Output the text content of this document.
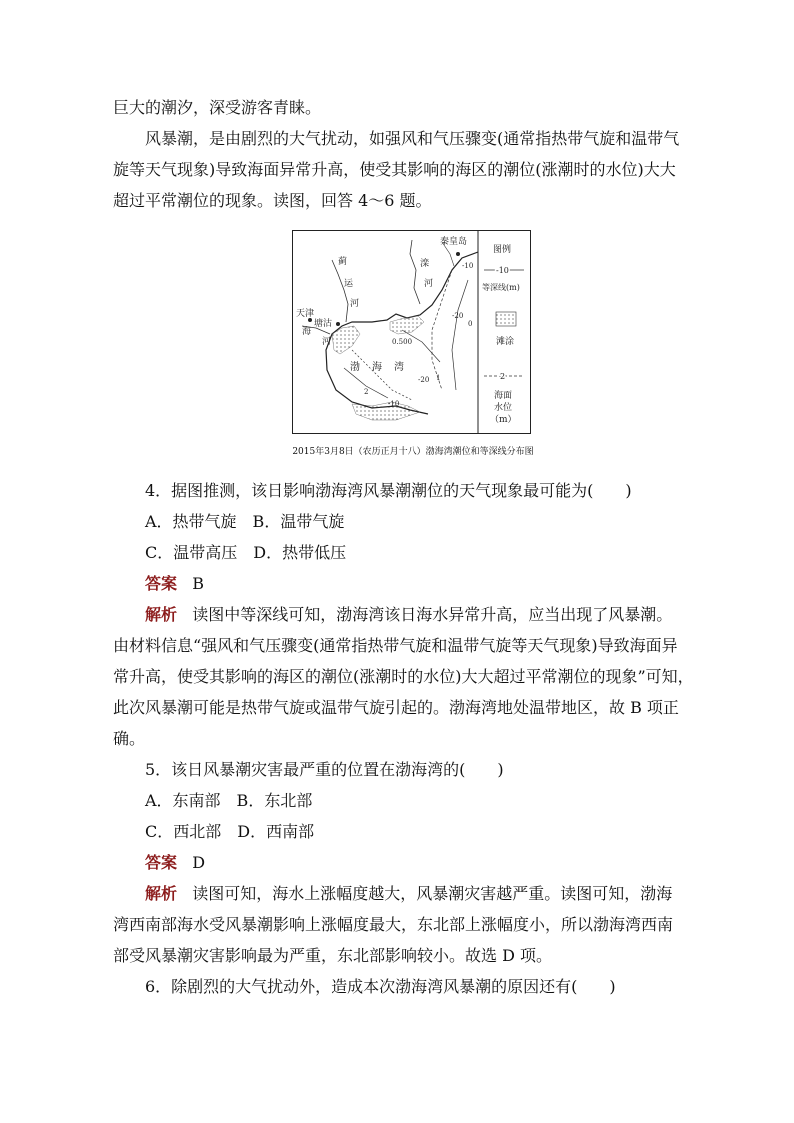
巨大的潮汐，深受游客青睐。
风暴潮，是由剧烈的大气扰动，如强风和气压骤变(通常指热带气旋和温带气
旋等天气现象)导致海面异常升高，使受其影响的海区的潮位(涨潮时的水位)大大
超过平常潮位的现象。读图，回答 4～6 题。
秦皇岛
蓟
运
河
滦
河
天津
海
塘沽
河
渤 海 湾
-10
-20
0
-20 1
-10
2
0.500
图例
-10
等深线(m)
滩涂
2
海面
水位
（m）
2015年3月8日（农历正月十八）渤海湾潮位和等深线分布图
4．据图推测，该日影响渤海湾风暴潮潮位的天气现象最可能为(　　)
A．热带气旋　B．温带气旋
C．温带高压　D．热带低压
答案 B
解析 读图中等深线可知，渤海湾该日海水异常升高，应当出现了风暴潮。
由材料信息“强风和气压骤变(通常指热带气旋和温带气旋等天气现象)导致海面异
常升高，使受其影响的海区的潮位(涨潮时的水位)大大超过平常潮位的现象”可知，
此次风暴潮可能是热带气旋或温带气旋引起的。渤海湾地处温带地区，故 B 项正
确。
5．该日风暴潮灾害最严重的位置在渤海湾的(　　)
A．东南部　B．东北部
C．西北部　D．西南部
答案 D
解析 读图可知，海水上涨幅度越大，风暴潮灾害越严重。读图可知，渤海
湾西南部海水受风暴潮影响上涨幅度最大，东北部上涨幅度小，所以渤海湾西南
部受风暴潮灾害影响最为严重，东北部影响较小。故选 D 项。
6．除剧烈的大气扰动外，造成本次渤海湾风暴潮的原因还有(　　)
